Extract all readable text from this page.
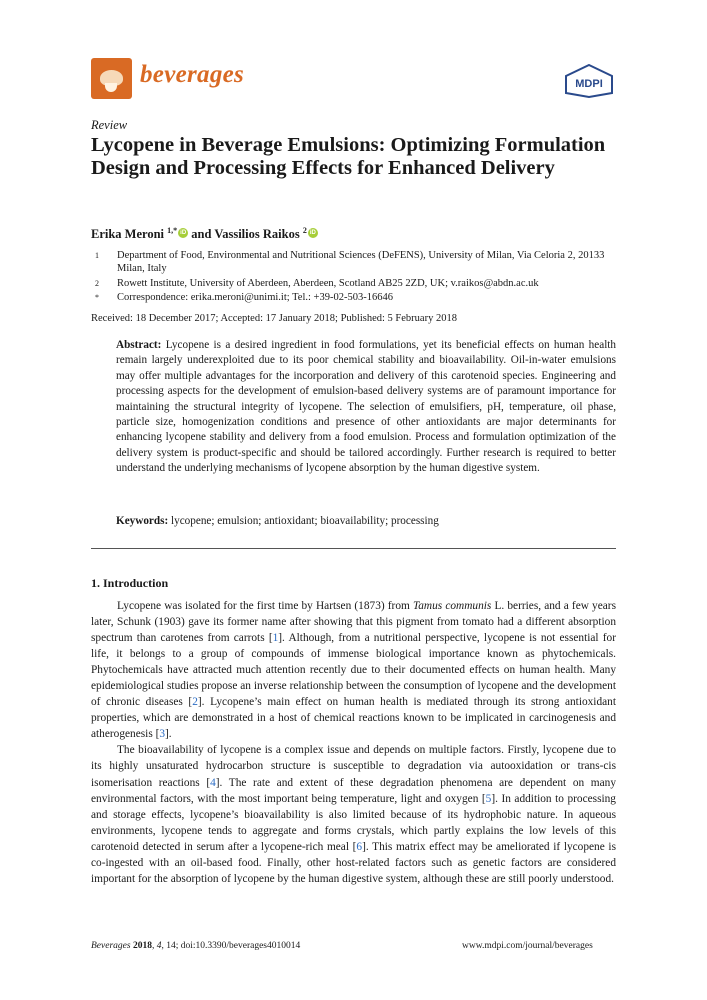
beverages	MDPI
Review
Lycopene in Beverage Emulsions: Optimizing Formulation Design and Processing Effects for Enhanced Delivery
Erika Meroni $^{1,*}$ iD and Vassilios Raikos $^2$ iD
1 Department of Food, Environmental and Nutritional Sciences (DeFENS), University of Milan, Via Celoria 2, 20133 Milan, Italy
2 Rowett Institute, University of Aberdeen, Aberdeen, Scotland AB25 2ZD, UK; v.raikos@abdn.ac.uk
* Correspondence: erika.meroni@unimi.it; Tel.: +39-02-503-16646
Received: 18 December 2017; Accepted: 17 January 2018; Published: 5 February 2018
Abstract: Lycopene is a desired ingredient in food formulations, yet its beneficial effects on human health remain largely underexploited due to its poor chemical stability and bioavailability. Oil-in-water emulsions may offer multiple advantages for the incorporation and delivery of this carotenoid species. Engineering and processing aspects for the development of emulsion-based delivery systems are of paramount importance for maintaining the structural integrity of lycopene. The selection of emulsifiers, pH, temperature, oil phase, particle size, homogenization conditions and presence of other antioxidants are major determinants for enhancing lycopene stability and delivery from a food emulsion. Process and formulation optimization of the delivery system is product-specific and should be tailored accordingly. Further research is required to better understand the underlying mechanisms of lycopene absorption by the human digestive system.
Keywords: lycopene; emulsion; antioxidant; bioavailability; processing
1. Introduction

Lycopene was isolated for the first time by Hartsen (1873) from Tamus communis L. berries, and a few years later, Schunk (1903) gave its former name after showing that this pigment from tomato had a different absorption spectrum than carotenes from carrots [1]. Although, from a nutritional perspective, lycopene is not essential for life, it belongs to a group of compounds of immense biological importance known as phytochemicals. Phytochemicals have attracted much attention recently due to their documented effects on human health. Many epidemiological studies propose an inverse relationship between the consumption of lycopene and the development of chronic diseases [2]. Lycopene’s main effect on human health is mediated through its strong antioxidant properties, which are demonstrated in a host of chemical reactions known to be implicated in carcinogenesis and atherogenesis [3].

The bioavailability of lycopene is a complex issue and depends on multiple factors. Firstly, lycopene due to its highly unsaturated hydrocarbon structure is susceptible to degradation via autooxidation or trans-cis isomerisation reactions [4]. The rate and extent of these degradation phenomena are dependent on many environmental factors, with the most important being temperature, light and oxygen [5]. In addition to processing and storage effects, lycopene’s bioavailability is also limited because of its hydrophobic nature. In aqueous environments, lycopene tends to aggregate and forms crystals, which partly explains the low levels of this carotenoid detected in serum after a lycopene-rich meal [6]. This matrix effect may be ameliorated if lycopene is co-ingested with an oil-based food. Finally, other host-related factors such as genetic factors are considered important for the absorption of lycopene by the human digestive system, although these are still poorly understood.

Beverages 2018, 4, 14; doi:10.3390/beverages4010014	www.mdpi.com/journal/beverages
